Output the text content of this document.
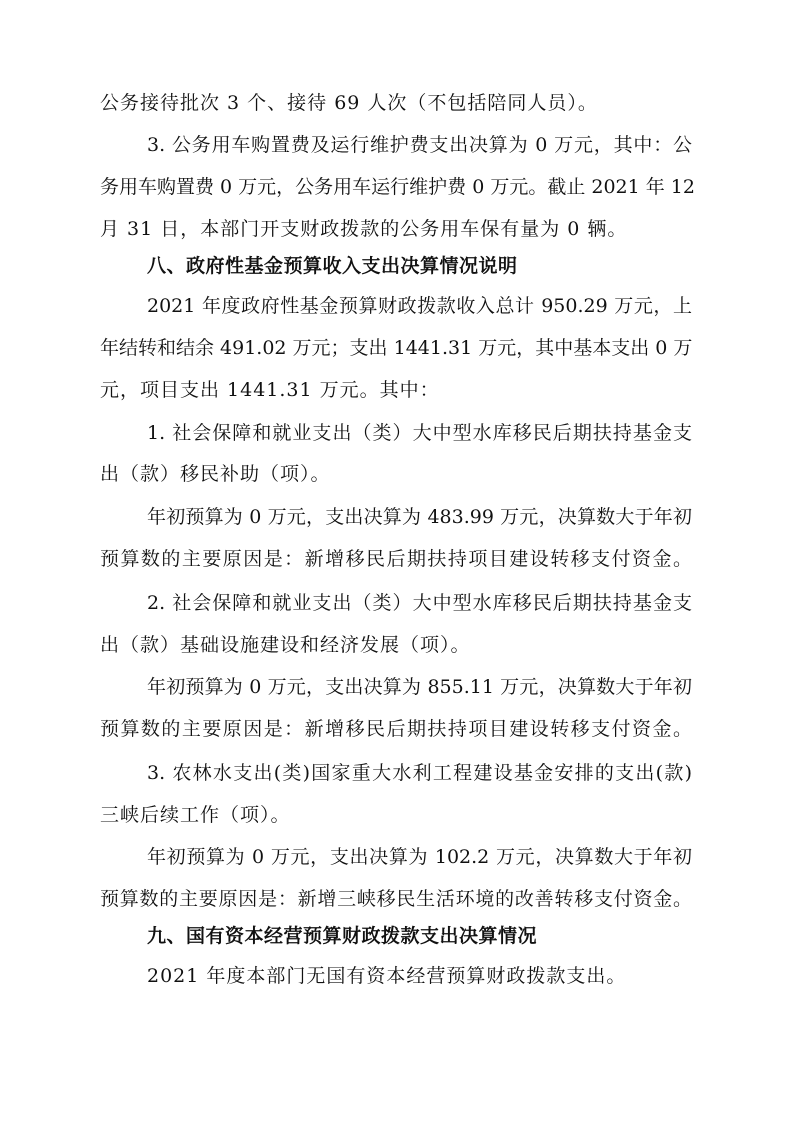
公务接待批次 3 个、接待 69 人次（不包括陪同人员）。
3. 公务用车购置费及运行维护费支出决算为 0 万元，其中：公
务用车购置费 0 万元，公务用车运行维护费 0 万元。截止 2021 年 12
月 31 日，本部门开支财政拨款的公务用车保有量为 0 辆。
八、政府性基金预算收入支出决算情况说明
2021 年度政府性基金预算财政拨款收入总计 950.29 万元，上
年结转和结余 491.02 万元；支出 1441.31 万元，其中基本支出 0 万
元，项目支出 1441.31 万元。其中：
1. 社会保障和就业支出（类）大中型水库移民后期扶持基金支
出（款）移民补助（项）。
年初预算为 0 万元，支出决算为 483.99 万元，决算数大于年初
预算数的主要原因是：新增移民后期扶持项目建设转移支付资金。
2. 社会保障和就业支出（类）大中型水库移民后期扶持基金支
出（款）基础设施建设和经济发展（项）。
年初预算为 0 万元，支出决算为 855.11 万元，决算数大于年初
预算数的主要原因是：新增移民后期扶持项目建设转移支付资金。
3. 农林水支出(类)国家重大水利工程建设基金安排的支出(款)
三峡后续工作（项）。
年初预算为 0 万元，支出决算为 102.2 万元，决算数大于年初
预算数的主要原因是：新增三峡移民生活环境的改善转移支付资金。
九、国有资本经营预算财政拨款支出决算情况
2021 年度本部门无国有资本经营预算财政拨款支出。
